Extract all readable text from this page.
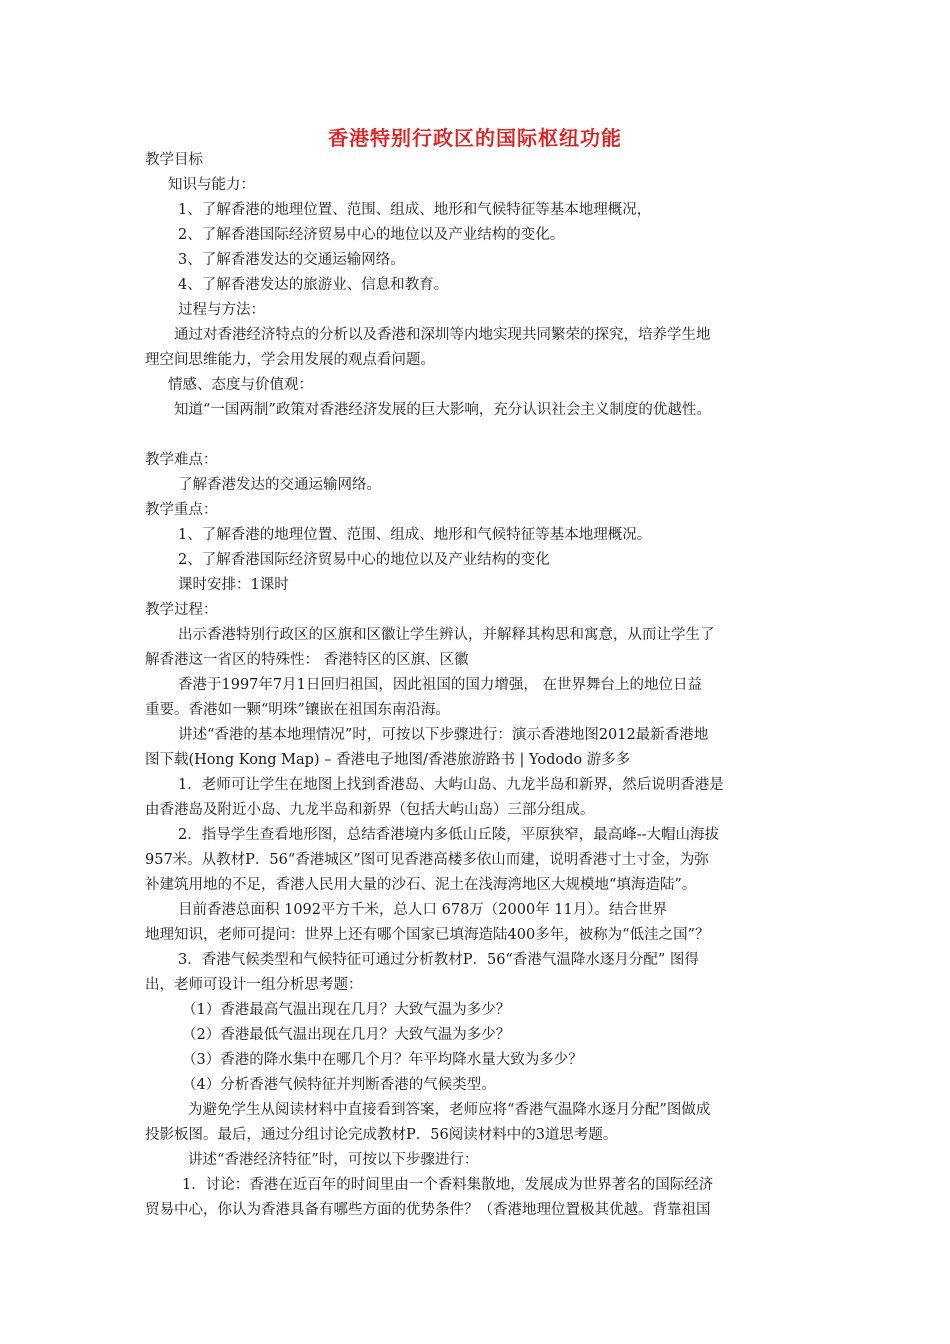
香港特别行政区的国际枢纽功能
教学目标
知识与能力：
1、了解香港的地理位置、范围、组成、地形和气候特征等基本地理概况，
2、了解香港国际经济贸易中心的地位以及产业结构的变化。
3、了解香港发达的交通运输网络。
4、了解香港发达的旅游业、信息和教育。
过程与方法：
通过对香港经济特点的分析以及香港和深圳等内地实现共同繁荣的探究，培养学生地
理空间思维能力，学会用发展的观点看问题。
情感、态度与价值观：
知道“一国两制”政策对香港经济发展的巨大影响，充分认识社会主义制度的优越性。
教学难点：
了解香港发达的交通运输网络。
教学重点：
1、了解香港的地理位置、范围、组成、地形和气候特征等基本地理概况。
2、了解香港国际经济贸易中心的地位以及产业结构的变化
课时安排：1课时
教学过程：
出示香港特别行政区的区旗和区徽让学生辨认，并解释其构思和寓意，从而让学生了
解香港这一省区的特殊性： 香港特区的区旗、区徽
香港于1997年7月1日回归祖国，因此祖国的国力增强， 在世界舞台上的地位日益
重要。香港如一颗“明珠”镶嵌在祖国东南沿海。
讲述“香港的基本地理情况”时，可按以下步骤进行：演示香港地图2012最新香港地
图下载(Hong Kong Map) – 香港电子地图/香港旅游路书 | Yododo 游多多
1．老师可让学生在地图上找到香港岛、大屿山岛、九龙半岛和新界，然后说明香港是
由香港岛及附近小岛、九龙半岛和新界（包括大屿山岛）三部分组成。
2．指导学生查看地形图，总结香港境内多低山丘陵，平原狭窄，最高峰--大帽山海拔
957米。从教材P．56“香港城区”图可见香港高楼多依山而建，说明香港寸土寸金，为弥
补建筑用地的不足，香港人民用大量的沙石、泥土在浅海湾地区大规模地“填海造陆”。
目前香港总面积 1092平方千米，总人口 678万（2000年 11月）。结合世界
地理知识，老师可提问：世界上还有哪个国家已填海造陆400多年，被称为“低洼之国”？
3．香港气候类型和气候特征可通过分析教材P．56“香港气温降水逐月分配” 图得
出，老师可设计一组分析思考题：
（1）香港最高气温出现在几月？大致气温为多少？
（2）香港最低气温出现在几月？大致气温为多少？
（3）香港的降水集中在哪几个月？年平均降水量大致为多少？
（4）分析香港气候特征并判断香港的气候类型。
为避免学生从阅读材料中直接看到答案，老师应将“香港气温降水逐月分配”图做成
投影板图。最后，通过分组讨论完成教材P．56阅读材料中的3道思考题。
讲述“香港经济特征”时，可按以下步骤进行：
1．讨论：香港在近百年的时间里由一个香料集散地，发展成为世界著名的国际经济
贸易中心，你认为香港具备有哪些方面的优势条件？（香港地理位置极其优越。背靠祖国
